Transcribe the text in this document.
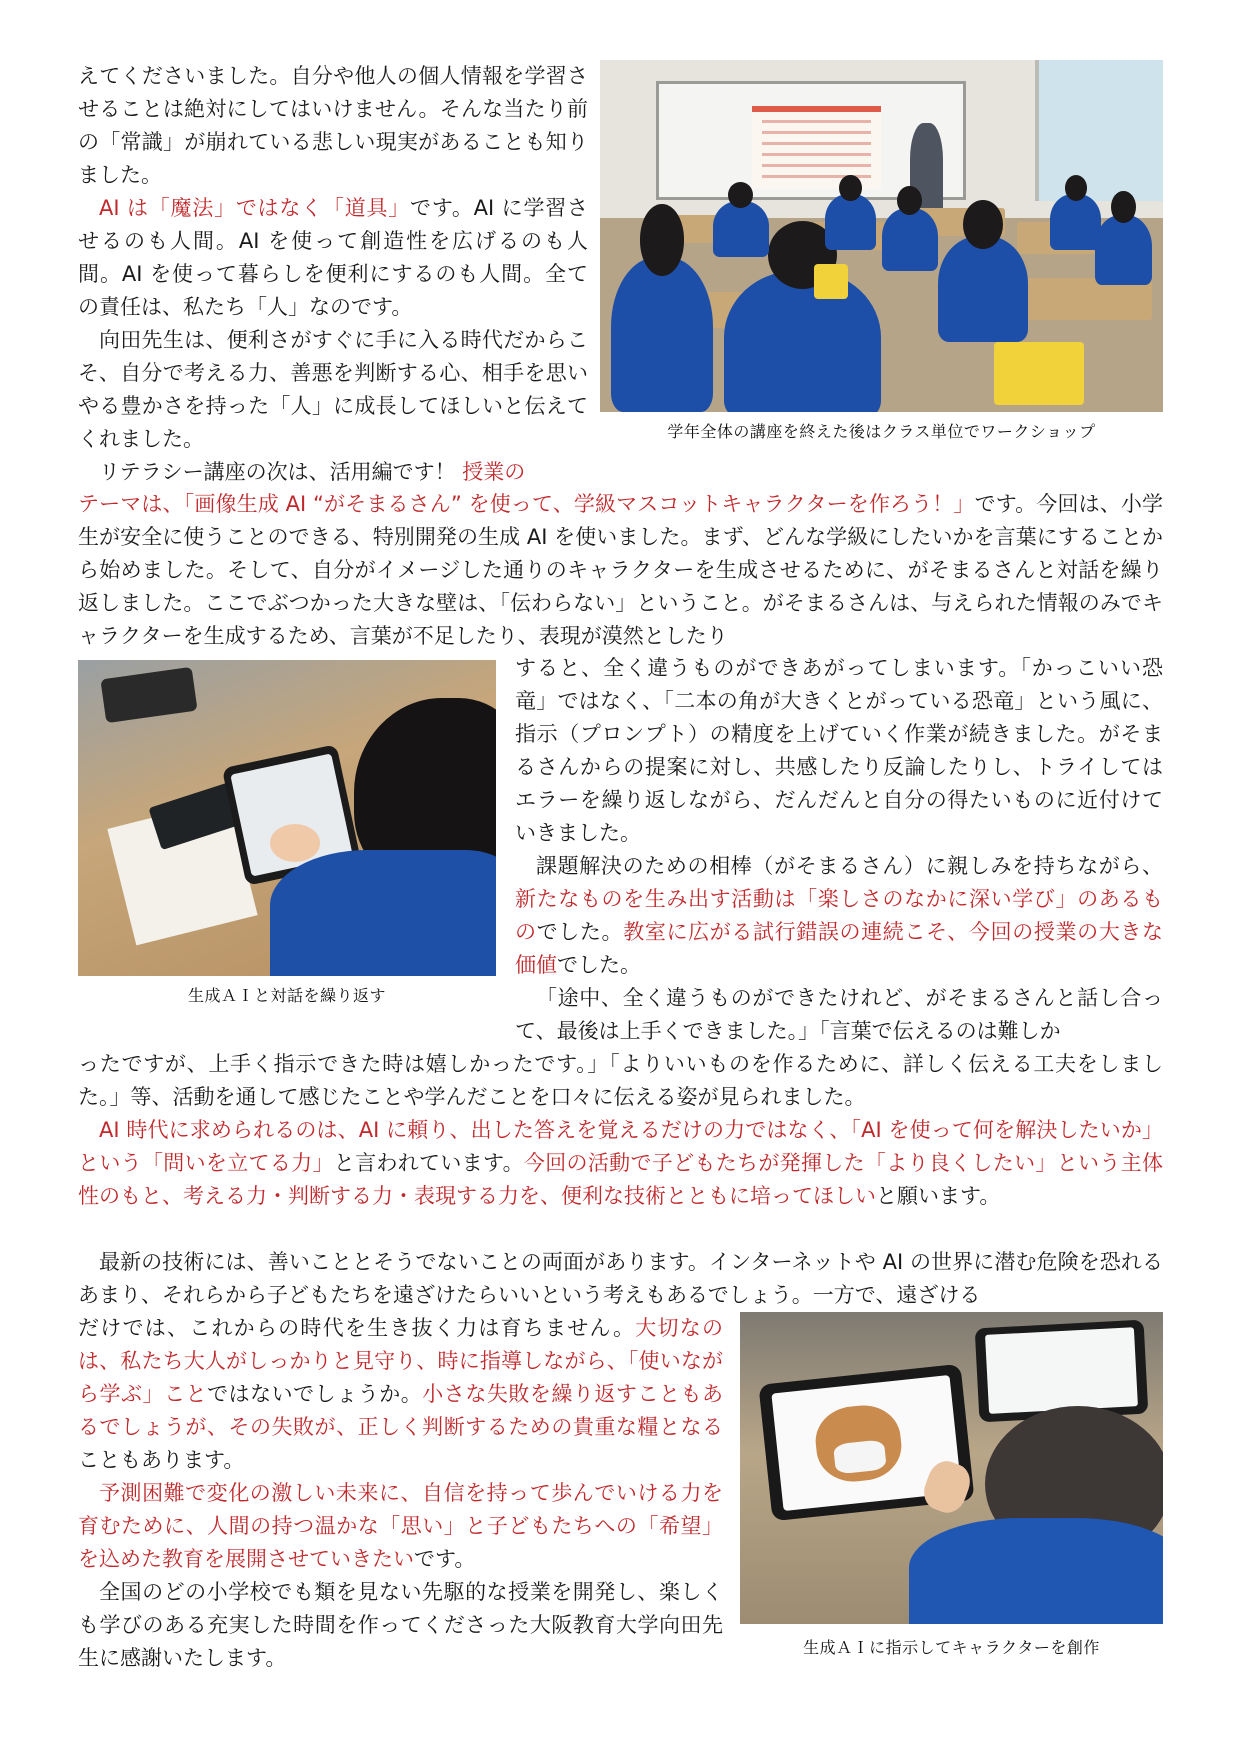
えてくださいました。自分や他人の個人情報を学習させることは絶対にしてはいけません。そんな当たり前の「常識」が崩れている悲しい現実があることも知りました。

AI は「魔法」ではなく「道具」です。AI に学習させるのも人間。AI を使って創造性を広げるのも人間。AI を使って暮らしを便利にするのも人間。全ての責任は、私たち「人」なのです。

向田先生は、便利さがすぐに手に入る時代だからこそ、自分で考える力、善悪を判断する心、相手を思いやる豊かさを持った「人」に成長してほしいと伝えてくれました。

リテラシー講座の次は、活用編です！ 授業の

学年全体の講座を終えた後はクラス単位でワークショップ

テーマは、「画像生成 AI “がそまるさん” を使って、学級マスコットキャラクターを作ろう！」です。今回は、小学生が安全に使うことのできる、特別開発の生成 AI を使いました。まず、どんな学級にしたいかを言葉にすることから始めました。そして、自分がイメージした通りのキャラクターを生成させるために、がそまるさんと対話を繰り返しました。ここでぶつかった大きな壁は、「伝わらない」ということ。がそまるさんは、与えられた情報のみでキャラクターを生成するため、言葉が不足したり、表現が漠然としたり

生成ＡＩと対話を繰り返す

すると、全く違うものができあがってしまいます。「かっこいい恐竜」ではなく、「二本の角が大きくとがっている恐竜」という風に、指示（プロンプト）の精度を上げていく作業が続きました。がそまるさんからの提案に対し、共感したり反論したりし、トライしてはエラーを繰り返しながら、だんだんと自分の得たいものに近付けていきました。

課題解決のための相棒（がそまるさん）に親しみを持ちながら、新たなものを生み出す活動は「楽しさのなかに深い学び」のあるものでした。教室に広がる試行錯誤の連続こそ、今回の授業の大きな価値でした。

「途中、全く違うものができたけれど、がそまるさんと話し合って、最後は上手くできました。」「言葉で伝えるのは難しか

ったですが、上手く指示できた時は嬉しかったです。」「よりいいものを作るために、詳しく伝える工夫をしました。」等、活動を通して感じたことや学んだことを口々に伝える姿が見られました。

AI 時代に求められるのは、AI に頼り、出した答えを覚えるだけの力ではなく、「AI を使って何を解決したいか」という「問いを立てる力」と言われています。今回の活動で子どもたちが発揮した「より良くしたい」という主体性のもと、考える力・判断する力・表現する力を、便利な技術とともに培ってほしいと願います。

最新の技術には、善いこととそうでないことの両面があります。インターネットや AI の世界に潜む危険を恐れるあまり、それらから子どもたちを遠ざけたらいいという考えもあるでしょう。一方で、遠ざける

だけでは、これからの時代を生き抜く力は育ちません。大切なのは、私たち大人がしっかりと見守り、時に指導しながら、「使いながら学ぶ」ことではないでしょうか。小さな失敗を繰り返すこともあるでしょうが、その失敗が、正しく判断するための貴重な糧となることもあります。

予測困難で変化の激しい未来に、自信を持って歩んでいける力を育むために、人間の持つ温かな「思い」と子どもたちへの「希望」を込めた教育を展開させていきたいです。

全国のどの小学校でも類を見ない先駆的な授業を開発し、楽しくも学びのある充実した時間を作ってくださった大阪教育大学向田先生に感謝いたします。	生成ＡＩに指示してキャラクターを創作
